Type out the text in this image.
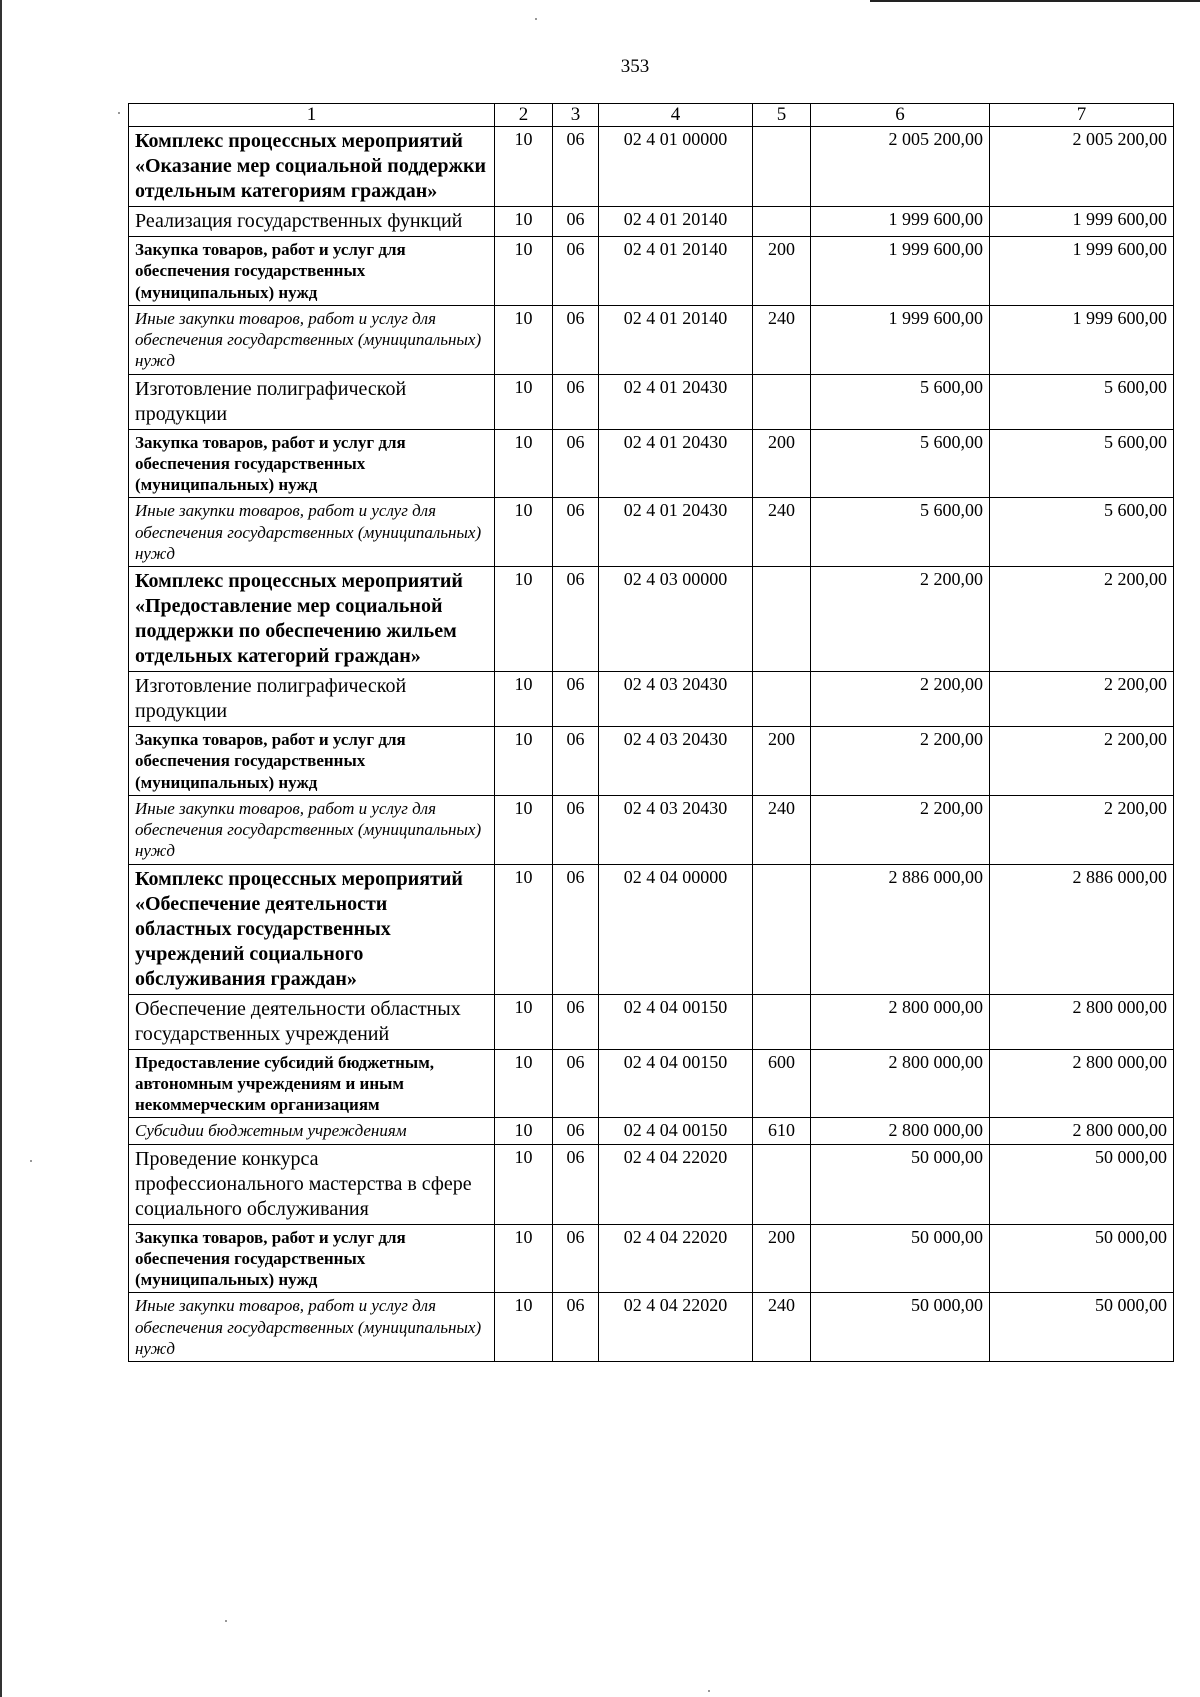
353
1	2	3	4	5	6	7
Комплекс процессных мероприятий «Оказание мер социальной поддержки отдельным категориям граждан»	10	06	02 4 01 00000		2 005 200,00	2 005 200,00
Реализация государственных функций	10	06	02 4 01 20140		1 999 600,00	1 999 600,00
Закупка товаров, работ и услуг для обеспечения государственных (муниципальных) нужд	10	06	02 4 01 20140	200	1 999 600,00	1 999 600,00
Иные закупки товаров, работ и услуг для обеспечения государственных (муниципальных) нужд	10	06	02 4 01 20140	240	1 999 600,00	1 999 600,00
Изготовление полиграфической продукции	10	06	02 4 01 20430		5 600,00	5 600,00
Закупка товаров, работ и услуг для обеспечения государственных (муниципальных) нужд	10	06	02 4 01 20430	200	5 600,00	5 600,00
Иные закупки товаров, работ и услуг для обеспечения государственных (муниципальных) нужд	10	06	02 4 01 20430	240	5 600,00	5 600,00
Комплекс процессных мероприятий «Предоставление мер социальной поддержки по обеспечению жильем отдельных категорий граждан»	10	06	02 4 03 00000		2 200,00	2 200,00
Изготовление полиграфической продукции	10	06	02 4 03 20430		2 200,00	2 200,00
Закупка товаров, работ и услуг для обеспечения государственных (муниципальных) нужд	10	06	02 4 03 20430	200	2 200,00	2 200,00
Иные закупки товаров, работ и услуг для обеспечения государственных (муниципальных) нужд	10	06	02 4 03 20430	240	2 200,00	2 200,00
Комплекс процессных мероприятий «Обеспечение деятельности областных государственных учреждений социального обслуживания граждан»	10	06	02 4 04 00000		2 886 000,00	2 886 000,00
Обеспечение деятельности областных государственных учреждений	10	06	02 4 04 00150		2 800 000,00	2 800 000,00
Предоставление субсидий бюджетным, автономным учреждениям и иным некоммерческим организациям	10	06	02 4 04 00150	600	2 800 000,00	2 800 000,00
Субсидии бюджетным учреждениям	10	06	02 4 04 00150	610	2 800 000,00	2 800 000,00
Проведение конкурса профессионального мастерства в сфере социального обслуживания	10	06	02 4 04 22020		50 000,00	50 000,00
Закупка товаров, работ и услуг для обеспечения государственных (муниципальных) нужд	10	06	02 4 04 22020	200	50 000,00	50 000,00
Иные закупки товаров, работ и услуг для обеспечения государственных (муниципальных) нужд	10	06	02 4 04 22020	240	50 000,00	50 000,00
